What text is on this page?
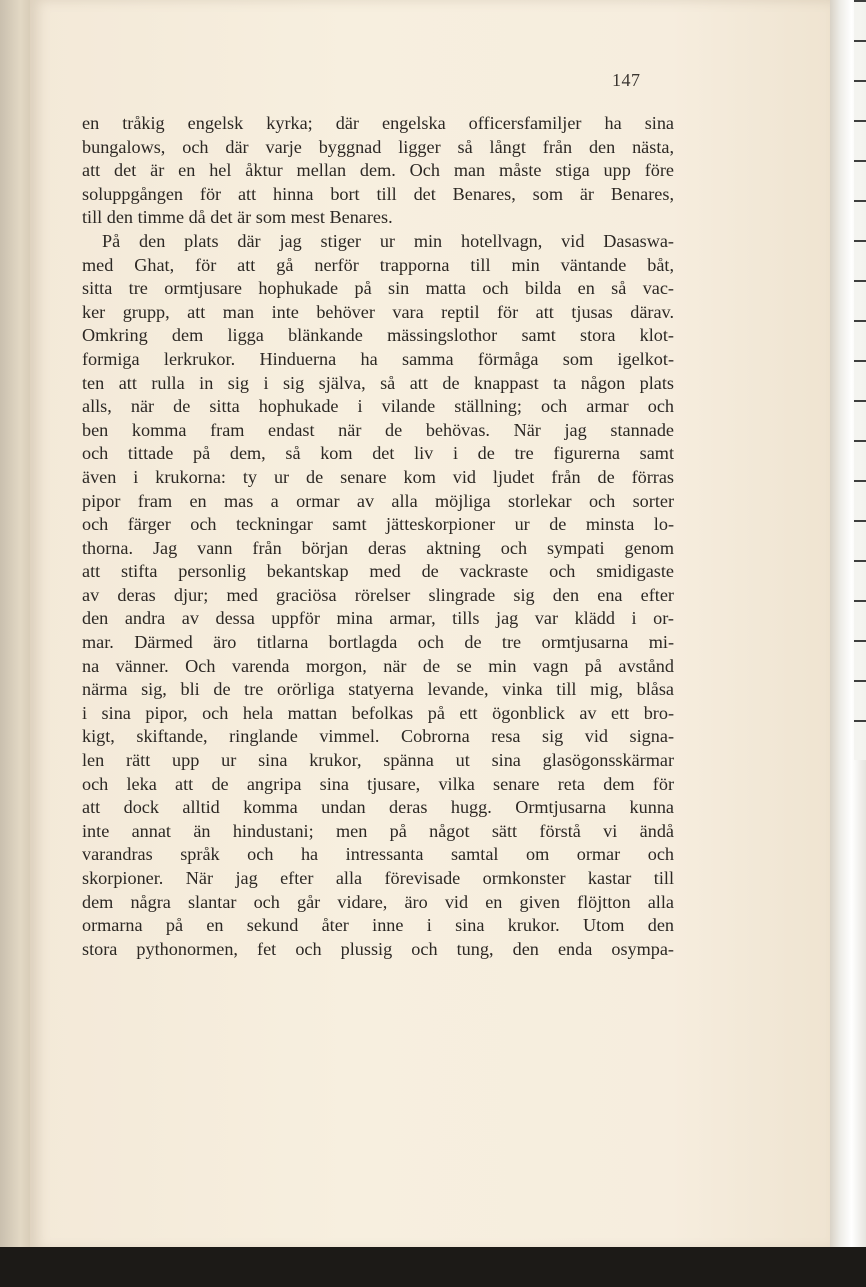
147
en tråkig engelsk kyrka; där engelska officersfamiljer ha sina
bungalows, och där varje byggnad ligger så långt från den nästa,
att det är en hel åktur mellan dem. Och man måste stiga upp före
soluppgången för att hinna bort till det Benares, som är Benares,
till den timme då det är som mest Benares.
På den plats där jag stiger ur min hotellvagn, vid Dasaswa-
med Ghat, för att gå nerför trapporna till min väntande båt,
sitta tre ormtjusare hophukade på sin matta och bilda en så vac-
ker grupp, att man inte behöver vara reptil för att tjusas därav.
Omkring dem ligga blänkande mässingslothor samt stora klot-
formiga lerkrukor. Hinduerna ha samma förmåga som igelkot-
ten att rulla in sig i sig själva, så att de knappast ta någon plats
alls, när de sitta hophukade i vilande ställning; och armar och
ben komma fram endast när de behövas. När jag stannade
och tittade på dem, så kom det liv i de tre figurerna samt
även i krukorna: ty ur de senare kom vid ljudet från de förras
pipor fram en mas a ormar av alla möjliga storlekar och sorter
och färger och teckningar samt jätteskorpioner ur de minsta lo-
thorna. Jag vann från början deras aktning och sympati genom
att stifta personlig bekantskap med de vackraste och smidigaste
av deras djur; med graciösa rörelser slingrade sig den ena efter
den andra av dessa uppför mina armar, tills jag var klädd i or-
mar. Därmed äro titlarna bortlagda och de tre ormtjusarna mi-
na vänner. Och varenda morgon, när de se min vagn på avstånd
närma sig, bli de tre orörliga statyerna levande, vinka till mig, blåsa
i sina pipor, och hela mattan befolkas på ett ögonblick av ett bro-
kigt, skiftande, ringlande vimmel. Cobrorna resa sig vid signa-
len rätt upp ur sina krukor, spänna ut sina glasögonsskärmar
och leka att de angripa sina tjusare, vilka senare reta dem för
att dock alltid komma undan deras hugg. Ormtjusarna kunna
inte annat än hindustani; men på något sätt förstå vi ändå
varandras språk och ha intressanta samtal om ormar och
skorpioner. När jag efter alla förevisade ormkonster kastar till
dem några slantar och går vidare, äro vid en given flöjtton alla
ormarna på en sekund åter inne i sina krukor. Utom den
stora pythonormen, fet och plussig och tung, den enda osympa-
